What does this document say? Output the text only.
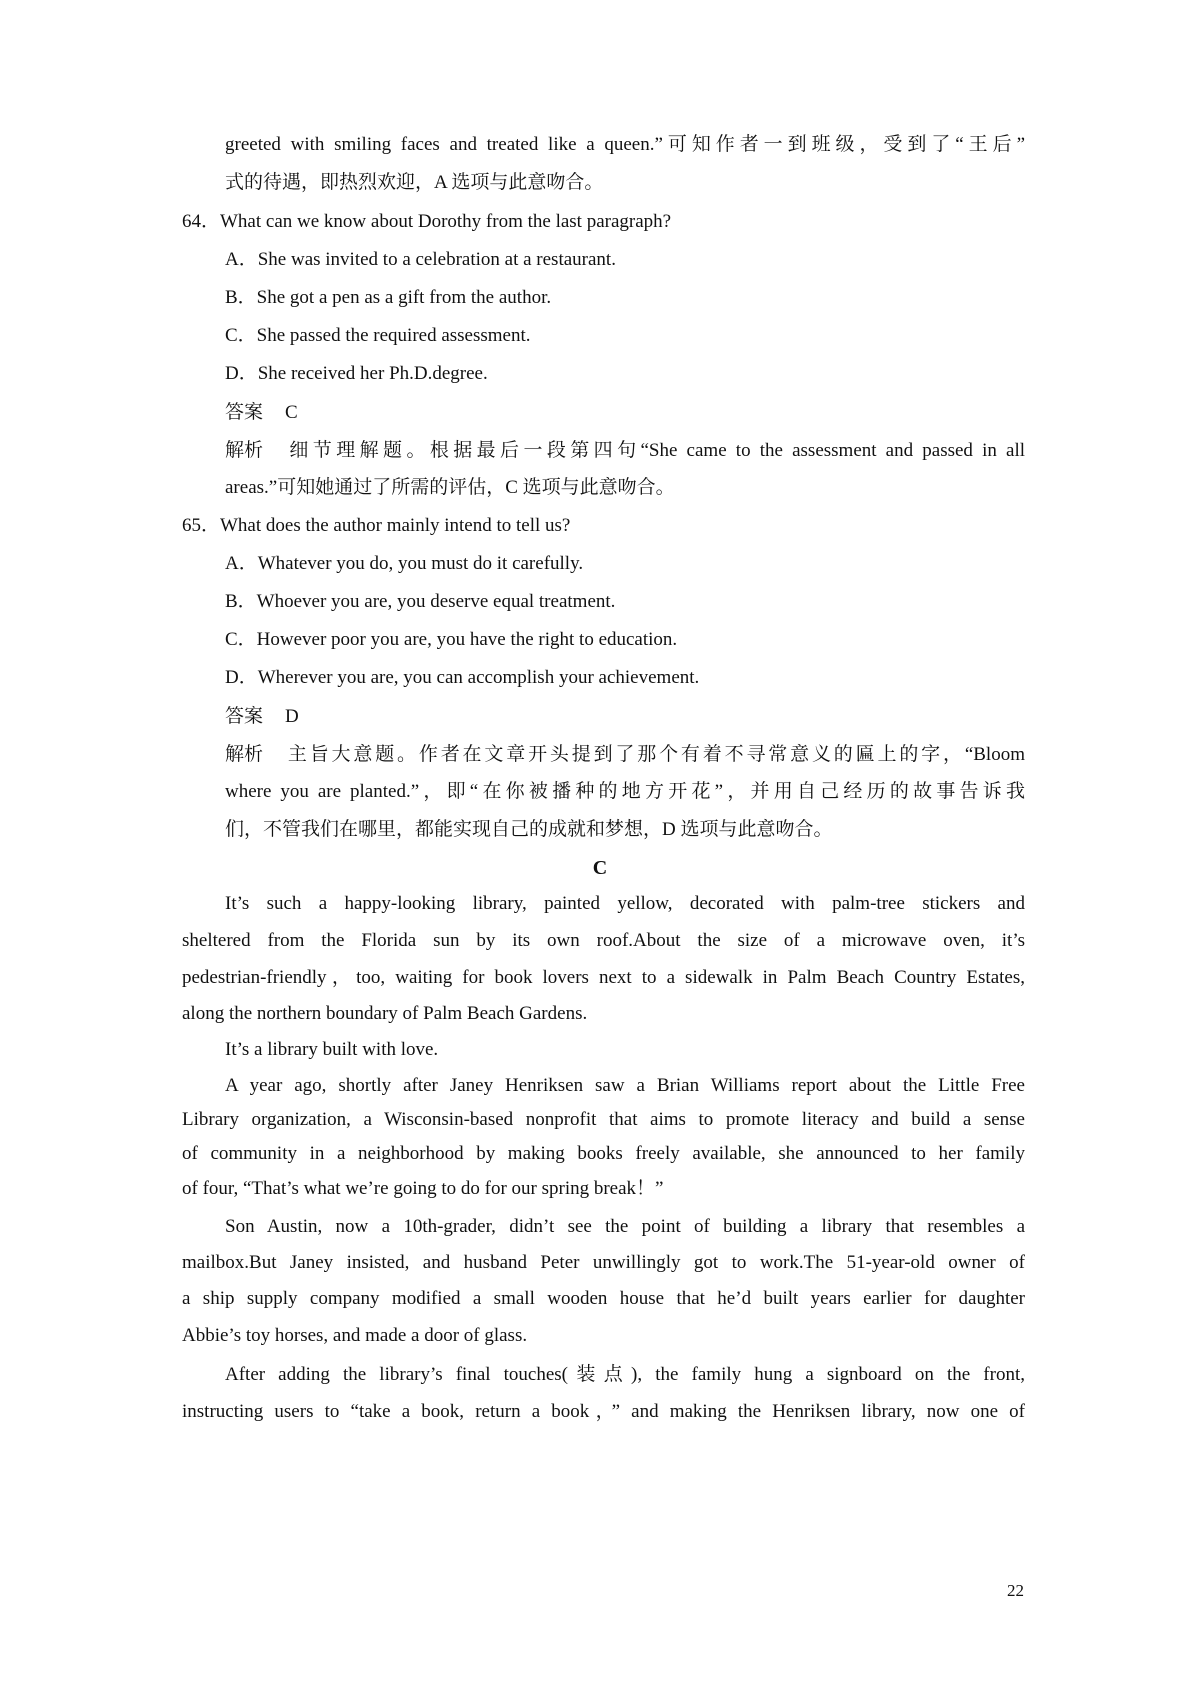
greeted with smiling faces and treated like a queen.”可知作者一到班级，受到了“王后”
式的待遇，即热烈欢迎，A 选项与此意吻合。
64．What can we know about Dorothy from the last paragraph?
A．She was invited to a celebration at a restaurant.
B．She got a pen as a gift from the author.
C．She passed the required assessment.
D．She received her Ph.D.degree.
答案 C
解析 细节理解题。根据最后一段第四句“She came to the assessment and passed in all
areas.”可知她通过了所需的评估，C 选项与此意吻合。
65．What does the author mainly intend to tell us?
A．Whatever you do, you must do it carefully.
B．Whoever you are, you deserve equal treatment.
C．However poor you are, you have the right to education.
D．Wherever you are, you can accomplish your achievement.
答案 D
解析 主旨大意题。作者在文章开头提到了那个有着不寻常意义的匾上的字，“Bloom
where you are planted.”，即“在你被播种的地方开花”，并用自己经历的故事告诉我
们，不管我们在哪里，都能实现自己的成就和梦想，D 选项与此意吻合。
C
It’s such a happy-looking library, painted yellow, decorated with palm-tree stickers and
sheltered from the Florida sun by its own roof.About the size of a microwave oven, it’s
pedestrian-friendly，too, waiting for book lovers next to a sidewalk in Palm Beach Country Estates,
along the northern boundary of Palm Beach Gardens.
It’s a library built with love.
A year ago, shortly after Janey Henriksen saw a Brian Williams report about the Little Free
Library organization, a Wisconsin-based nonprofit that aims to promote literacy and build a sense
of community in a neighborhood by making books freely available, she announced to her family
of four, “That’s what we’re going to do for our spring break！”
Son Austin, now a 10th-grader, didn’t see the point of building a library that resembles a
mailbox.But Janey insisted, and husband Peter unwillingly got to work.The 51-year-old owner of
a ship supply company modified a small wooden house that he’d built years earlier for daughter
Abbie’s toy horses, and made a door of glass.
After adding the library’s final touches(装点), the family hung a signboard on the front,
instructing users to “take a book, return a book，” and making the Henriksen library, now one of
22
